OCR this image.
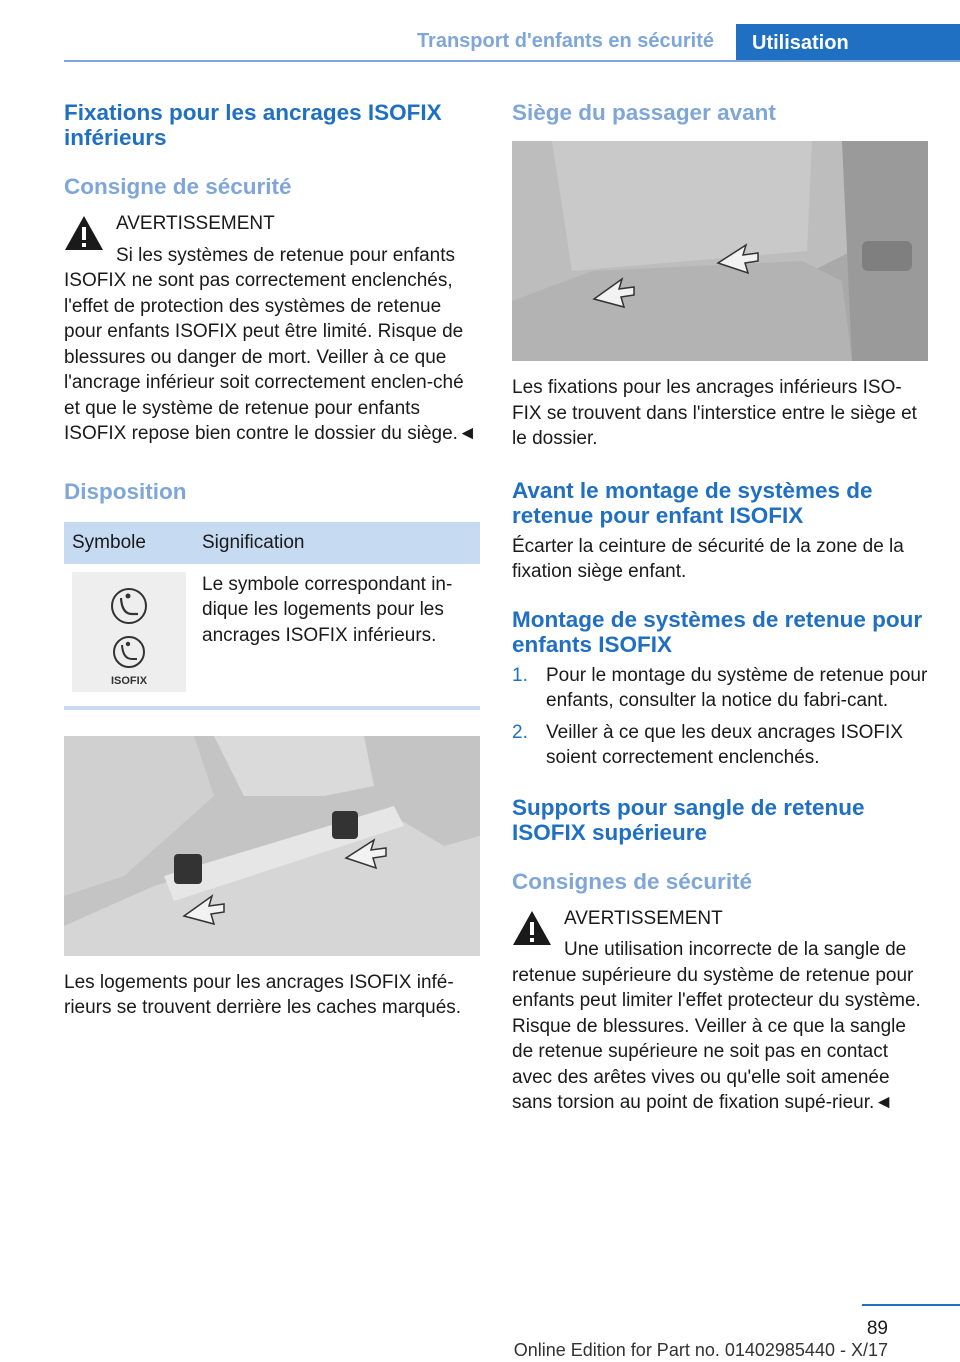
Transport d'enfants en sécurité	Utilisation
Fixations pour les ancrages ISOFIX inférieurs
Consigne de sécurité
AVERTISSEMENT
Si les systèmes de retenue pour enfants ISOFIX ne sont pas correctement enclenchés, l'effet de protection des systèmes de retenue pour enfants ISOFIX peut être limité. Risque de blessures ou danger de mort. Veiller à ce que l'ancrage inférieur soit correctement enclen-ché et que le système de retenue pour enfants ISOFIX repose bien contre le dossier du siège.◄
Disposition
Symbole	Signification

ISOFIX	Le symbole correspondant in-dique les logements pour les ancrages ISOFIX inférieurs.

Les logements pour les ancrages ISOFIX infé-rieurs se trouvent derrière les caches marqués.

Siège du passager avant

Les fixations pour les ancrages inférieurs ISO-FIX se trouvent dans l'interstice entre le siège et le dossier.

Avant le montage de systèmes de retenue pour enfant ISOFIX

Écarter la ceinture de sécurité de la zone de la fixation siège enfant.

Montage de systèmes de retenue pour enfants ISOFIX
1. Pour le montage du système de retenue pour enfants, consulter la notice du fabri-cant.
2. Veiller à ce que les deux ancrages ISOFIX soient correctement enclenchés.
Supports pour sangle de retenue ISOFIX supérieure
Consignes de sécurité
AVERTISSEMENT
Une utilisation incorrecte de la sangle de retenue supérieure du système de retenue pour enfants peut limiter l'effet protecteur du système. Risque de blessures. Veiller à ce que la sangle de retenue supérieure ne soit pas en contact avec des arêtes vives ou qu'elle soit amenée sans torsion au point de fixation supé-rieur.◄
89
Online Edition for Part no. 01402985440 - X/17
